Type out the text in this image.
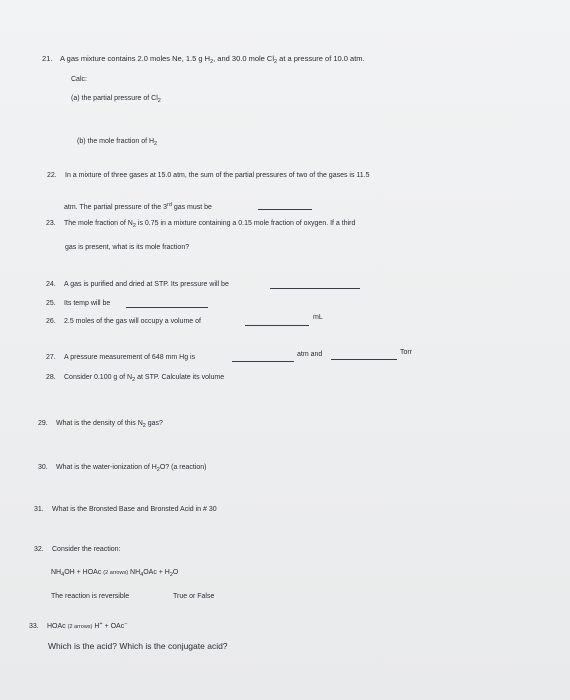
21. A gas mixture contains 2.0 moles Ne, 1.5 g $H_2$, and 30.0 mole $Cl_2$ at a pressure of 10.0 atm.
Calc:
(a) the partial pressure of $Cl_2$
(b) the mole fraction of $H_2$
22. In a mixture of three gases at 15.0 atm, the sum of the partial pressures of two of the gases is 11.5
atm. The partial pressure of the 3rd gas must be
23. The mole fraction of $N_2$ is 0.75 in a mixture containing a 0.15 mole fraction of oxygen. If a third
gas is present, what is its mole fraction?
24. A gas is purified and dried at STP. Its pressure will be
25. Its temp will be
26. 2.5 moles of the gas will occupy a volume of
mL
27. A pressure measurement of 648 mm Hg is	atm and	Torr
28. Consider 0.100 g of $N_2$ at STP. Calculate its volume
29. What is the density of this $N_2$ gas?
30. What is the water-ionization of $H_2O$? (a reaction)
31. What is the Bronsted Base and Bronsted Acid in # 30
32. Consider the reaction:
$NH_4OH$ + HOAc (2 arrows) $NH_4OAc + H_2O$
The reaction is reversible	True or False
33. HOAc (2 arrows) H+ + OAc−
Which is the acid? Which is the conjugate acid?
